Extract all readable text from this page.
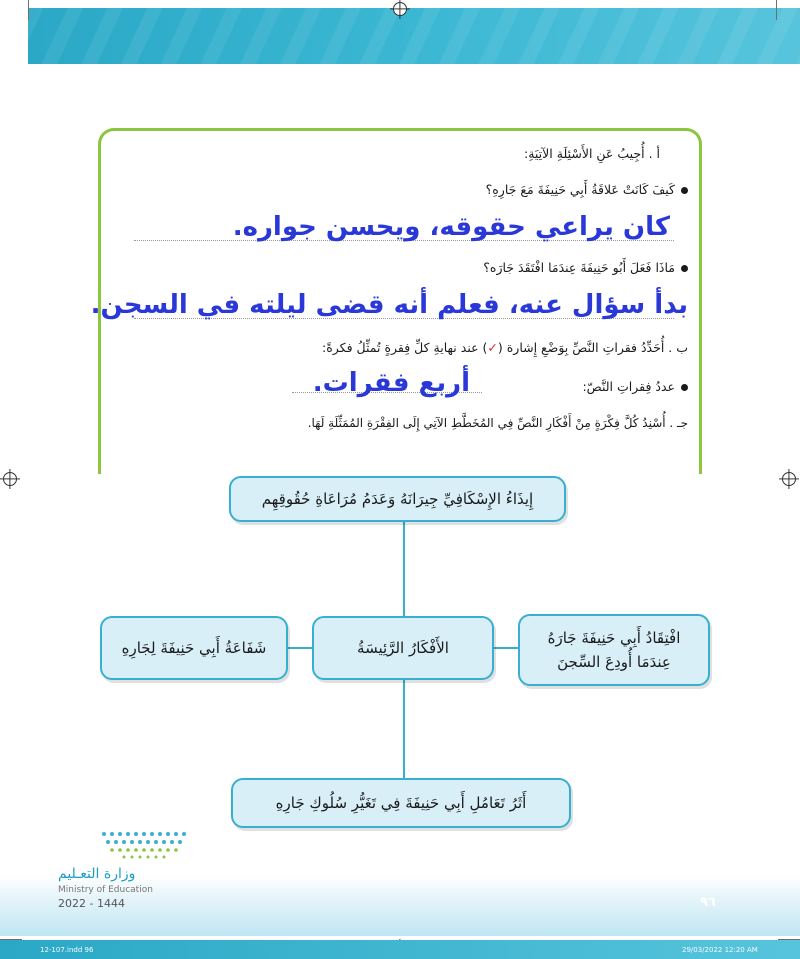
أ . أُجِيبُ عَنِ الأَسْئِلَةِ الآتِيَةِ:
كَيفَ كَانَتْ عَلاقَةُ أَبِي حَنِيفَةَ مَعَ جَارِهِ؟
كان يراعي حقوقه، ويحسن جواره.
مَاذَا فَعَلَ أَبُو حَنِيفَةَ عِندَمَا افْتَقَدَ جَارَه؟
بدأ سؤال عنه، فعلم أنه قضى ليلته في السجن.
ب . أُحَدِّدُ فقراتِ النَّصِّ بِوَضْعِ إِشارة (✓) عند نهايةِ كلِّ فِقرةٍ تُمثِّلُ فكرةً:
عددُ فِقراتِ النَّصّ:
أربع فقرات.
جـ . أُسْنِدُ كُلَّ فِكْرَةٍ مِنْ أَفْكَارِ النَّصِّ فِي المُخَطَّطِ الآتِي إِلَى الفِقْرَةِ المُمَثِّلَةِ لَهَا.
إِيذَاءُ الإِسْكَافِيِّ جِيرَانَهُ وَعَدَمُ مُرَاعَاةِ حُقُوقِهِم
الأَفْكَارُ الرَّئِيسَةُ
شَفَاعَةُ أَبِي حَنِيفَةَ لِجَارِهِ
افْتِقَادُ أَبِي حَنِيفَةَ جَارَهُ
عِندَمَا أُودِعَ السِّجنَ
أَثَرُ تَعَامُلِ أَبِي حَنِيفَةَ فِي تَغَيُّرِ سُلُوكِ جَارِهِ
٩٦
وزارة التعـليم
Ministry of Education
2022 - 1444
12-107.indd 96	29/03/2022 12:20 AM
